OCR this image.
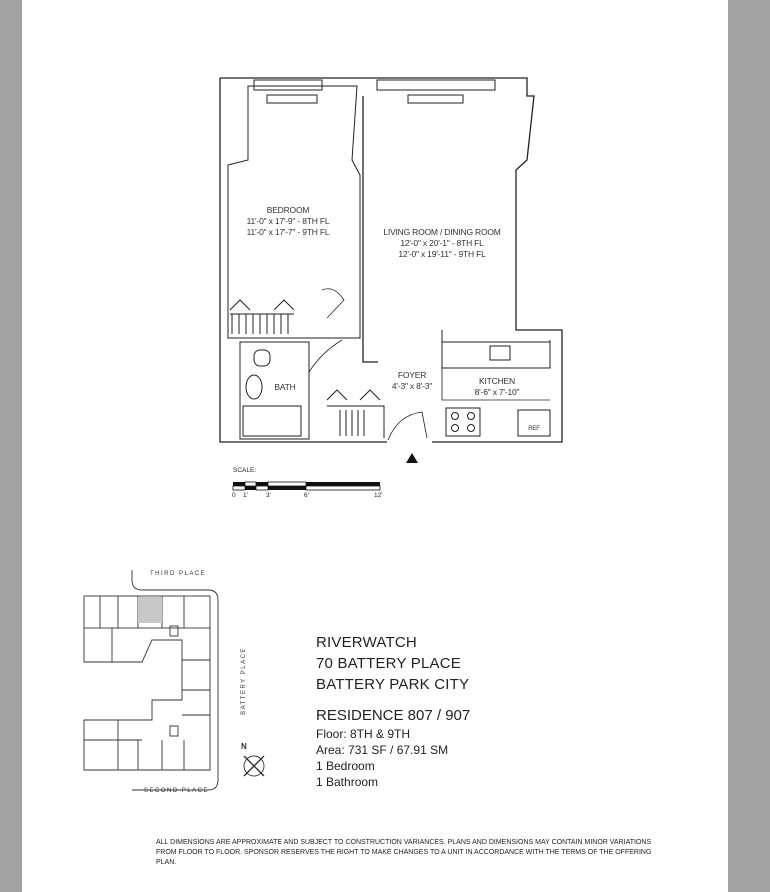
BEDROOM
11'-0" x 17'-9" - 8TH FL
11'-0" x 17'-7" - 9TH FL	LIVING ROOM / DINING ROOM
12'-0" x 20'-1" - 8TH FL
12'-0" x 19'-11" - 9TH FL
BATH
FOYER
4'-3" x 8'-3"	KITCHEN
8'-6" x 7'-10"
REF
SCALE:
0 1'	3'	6'	12'
THIRD PLACE
BATTERY PLACE
SECOND PLACE
N
RIVERWATCH
70 BATTERY PLACE
BATTERY PARK CITY
RESIDENCE 807 / 907
Floor: 8TH & 9TH
Area: 731 SF / 67.91 SM
1 Bedroom
1 Bathroom
ALL DIMENSIONS ARE APPROXIMATE AND SUBJECT TO CONSTRUCTION VARIANCES. PLANS AND DIMENSIONS MAY CONTAIN MINOR VARIATIONS FROM FLOOR TO FLOOR. SPONSOR RESERVES THE RIGHT TO MAKE CHANGES TO A UNIT IN ACCORDANCE WITH THE TERMS OF THE OFFERING PLAN.
